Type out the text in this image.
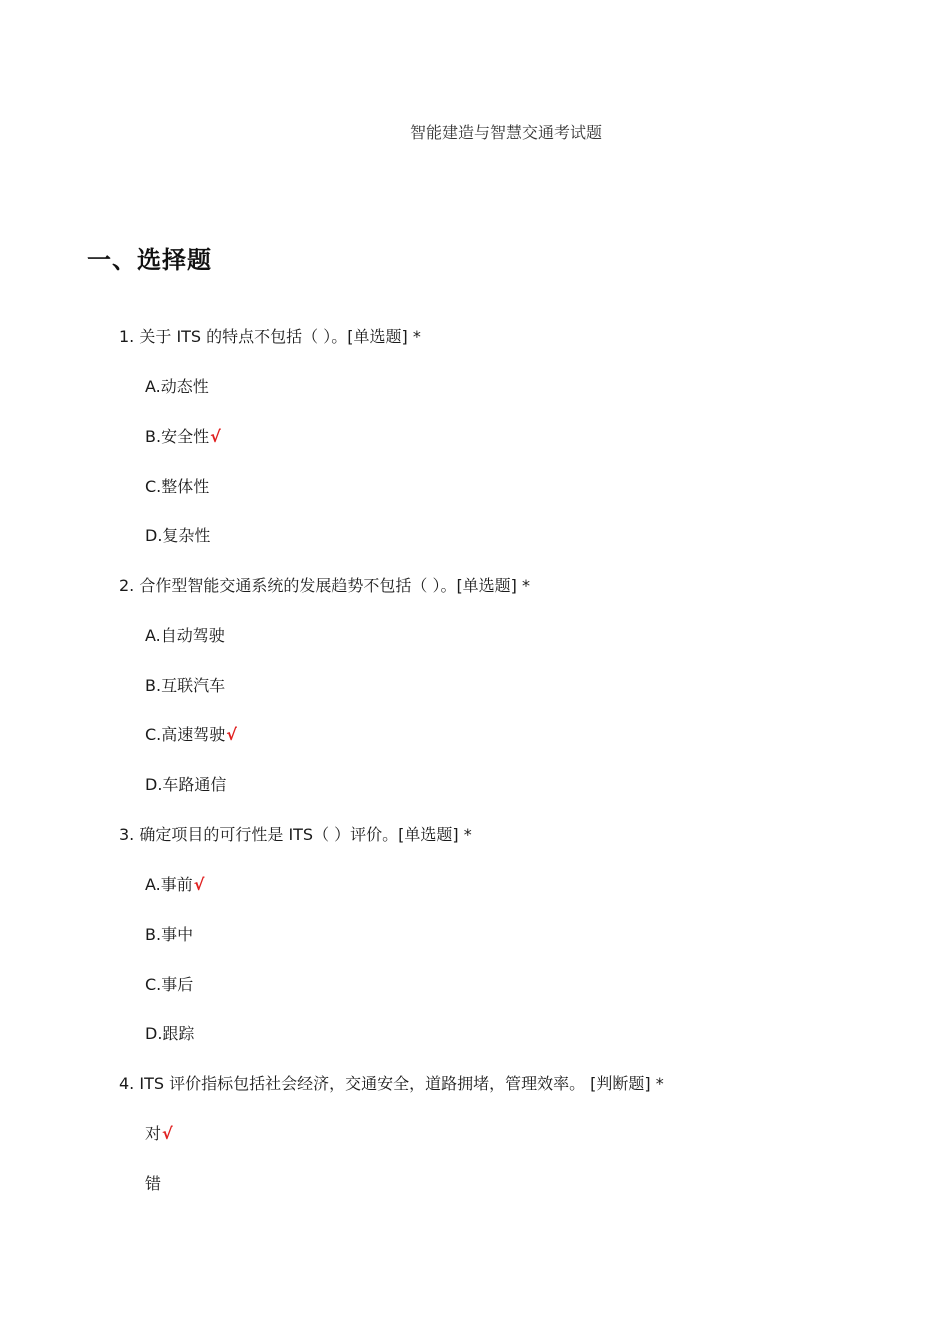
智能建造与智慧交通考试题
一、选择题
1. 关于 ITS 的特点不包括（ ）。[单选题] *
A.动态性
B.安全性√
C.整体性
D.复杂性
2. 合作型智能交通系统的发展趋势不包括（ ）。[单选题] *
A.自动驾驶
B.互联汽车
C.高速驾驶√
D.车路通信
3. 确定项目的可行性是 ITS（ ）评价。[单选题] *
A.事前√
B.事中
C.事后
D.跟踪
4. ITS 评价指标包括社会经济，交通安全，道路拥堵，管理效率。 [判断题] *
对√
错
